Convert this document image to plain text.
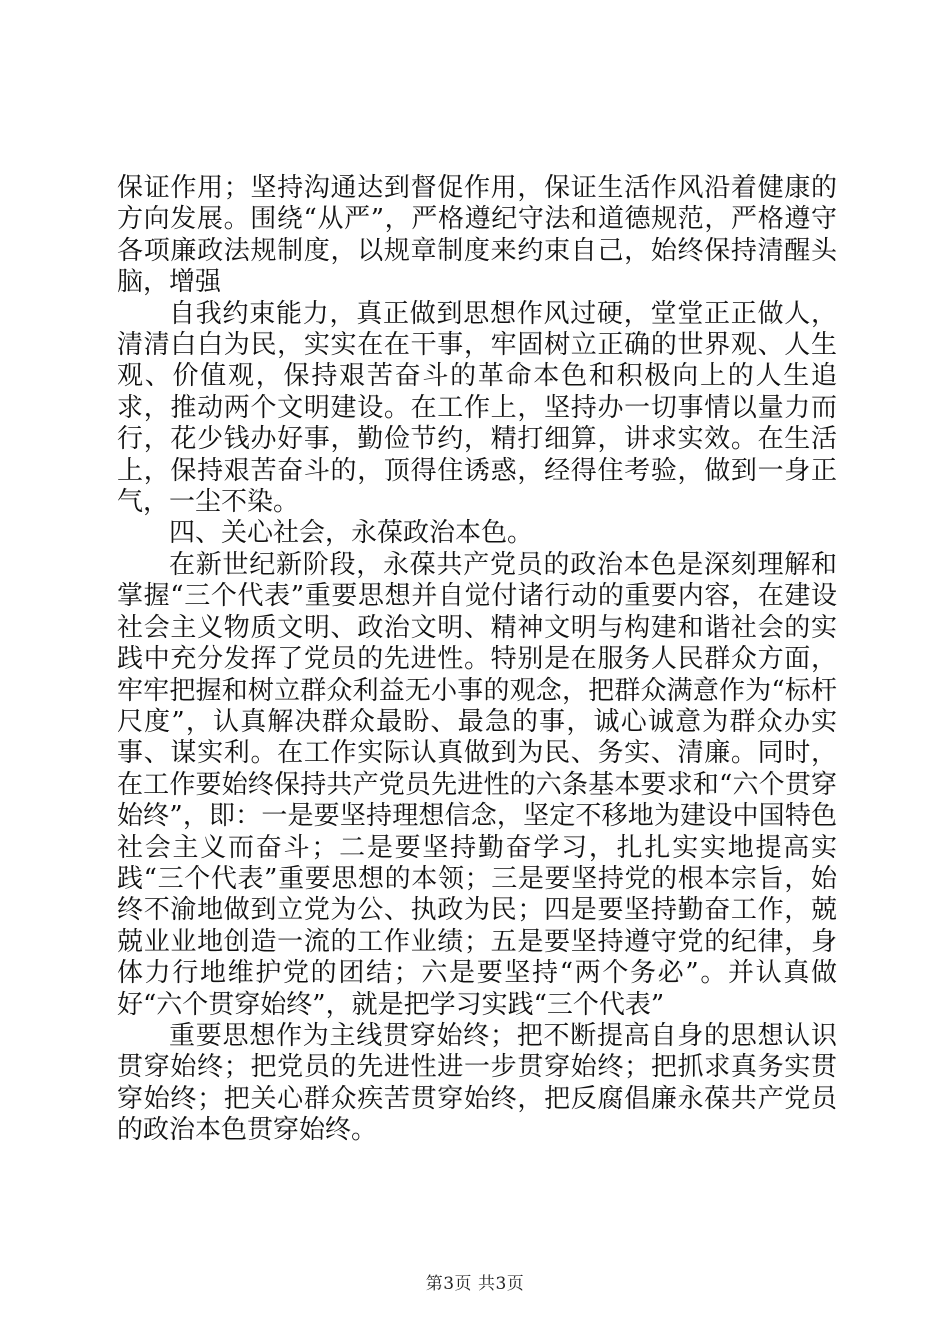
保证作用；坚持沟通达到督促作用，保证生活作风沿着健康的方向发展。围绕“从严”，严格遵纪守法和道德规范，严格遵守各项廉政法规制度，以规章制度来约束自己，始终保持清醒头脑，增强

自我约束能力，真正做到思想作风过硬，堂堂正正做人，清清白白为民，实实在在干事，牢固树立正确的世界观、人生观、价值观，保持艰苦奋斗的革命本色和积极向上的人生追求，推动两个文明建设。在工作上，坚持办一切事情以量力而行，花少钱办好事，勤俭节约，精打细算，讲求实效。在生活上，保持艰苦奋斗的，顶得住诱惑，经得住考验，做到一身正气，一尘不染。

四、关心社会，永葆政治本色。

在新世纪新阶段，永葆共产党员的政治本色是深刻理解和掌握“三个代表”重要思想并自觉付诸行动的重要内容，在建设社会主义物质文明、政治文明、精神文明与构建和谐社会的实践中充分发挥了党员的先进性。特别是在服务人民群众方面，牢牢把握和树立群众利益无小事的观念，把群众满意作为“标杆尺度”，认真解决群众最盼、最急的事，诚心诚意为群众办实事、谋实利。在工作实际认真做到为民、务实、清廉。同时，在工作要始终保持共产党员先进性的六条基本要求和“六个贯穿始终”，即：一是要坚持理想信念，坚定不移地为建设中国特色社会主义而奋斗；二是要坚持勤奋学习，扎扎实实地提高实践“三个代表”重要思想的本领；三是要坚持党的根本宗旨，始终不渝地做到立党为公、执政为民；四是要坚持勤奋工作，兢兢业业地创造一流的工作业绩；五是要坚持遵守党的纪律，身体力行地维护党的团结；六是要坚持“两个务必”。并认真做好“六个贯穿始终”，就是把学习实践“三个代表”

重要思想作为主线贯穿始终；把不断提高自身的思想认识贯穿始终；把党员的先进性进一步贯穿始终；把抓求真务实贯穿始终；把关心群众疾苦贯穿始终，把反腐倡廉永葆共产党员的政治本色贯穿始终。

第3页 共3页
